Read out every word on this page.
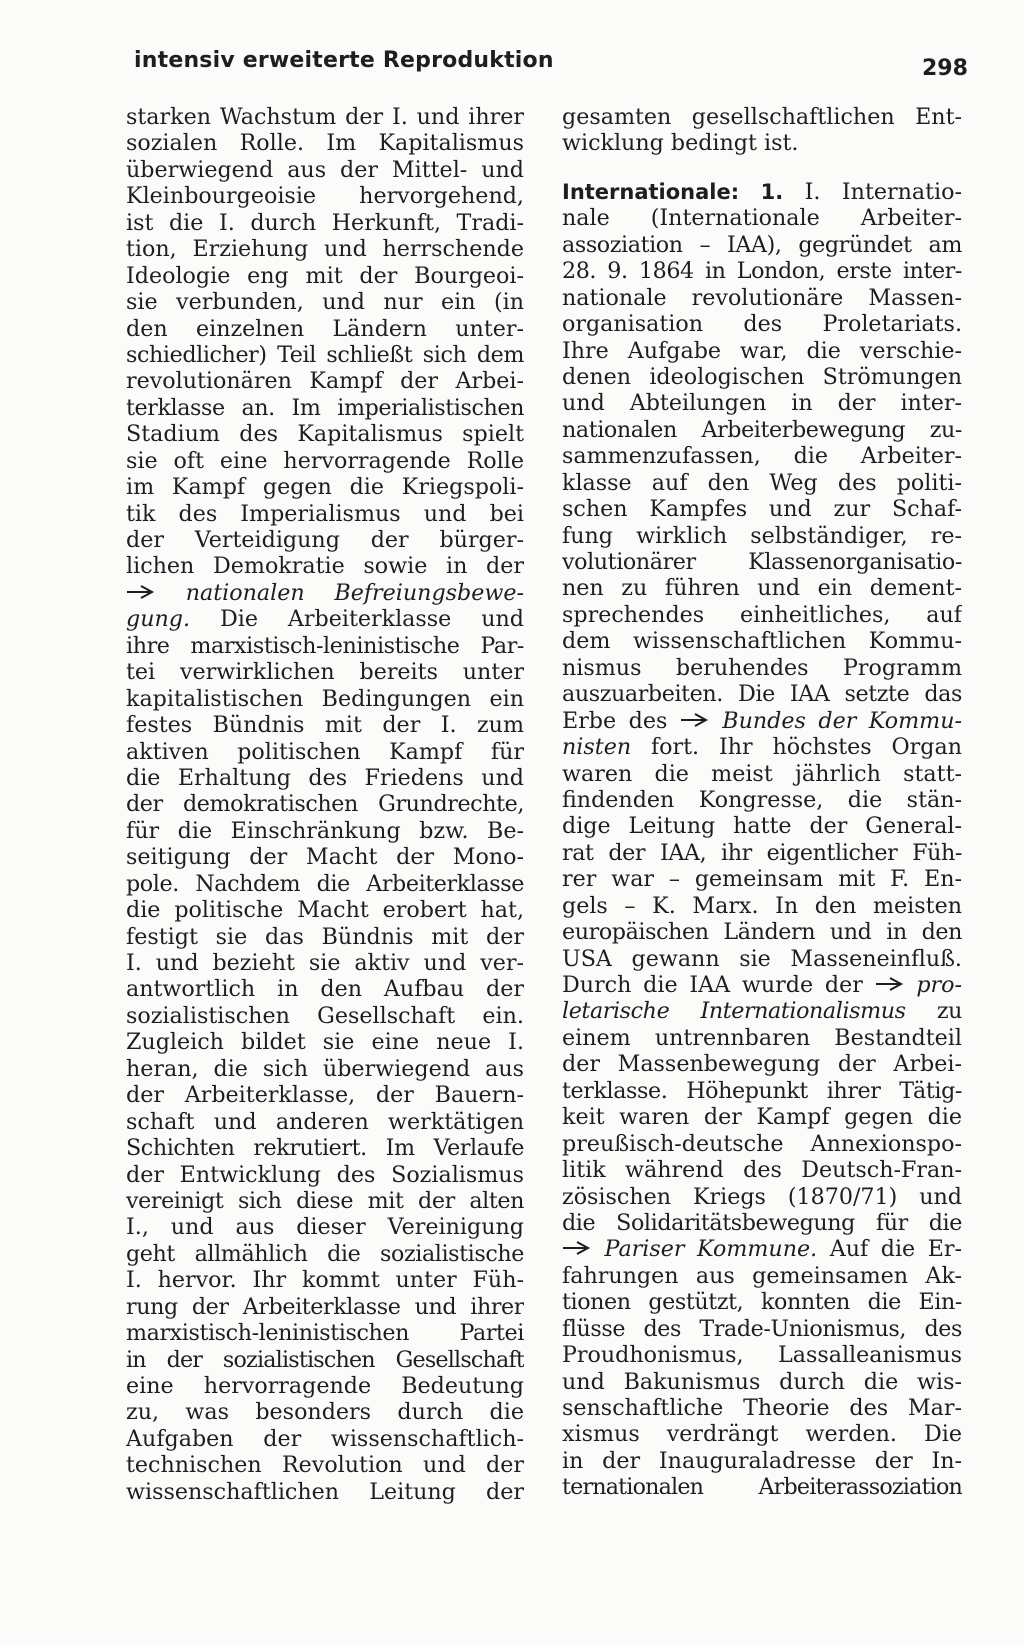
intensiv erweiterte Reproduktion	298
starken Wachstum der I. und ihrer
sozialen Rolle. Im Kapitalismus
überwiegend aus der Mittel- und
Kleinbourgeoisie hervorgehend,
ist die I. durch Herkunft, Tradi-
tion, Erziehung und herrschende
Ideologie eng mit der Bourgeoi-
sie verbunden, und nur ein (in
den einzelnen Ländern unter-
schiedlicher) Teil schließt sich dem
revolutionären Kampf der Arbei-
terklasse an. Im imperialistischen
Stadium des Kapitalismus spielt
sie oft eine hervorragende Rolle
im Kampf gegen die Kriegspoli-
tik des Imperialismus und bei
der Verteidigung der bürger-
lichen Demokratie sowie in der
nationalen Befreiungsbewe-
gung. Die Arbeiterklasse und
ihre marxistisch-leninistische Par-
tei verwirklichen bereits unter
kapitalistischen Bedingungen ein
festes Bündnis mit der I. zum
aktiven politischen Kampf für
die Erhaltung des Friedens und
der demokratischen Grundrechte,
für die Einschränkung bzw. Be-
seitigung der Macht der Mono-
pole. Nachdem die Arbeiterklasse
die politische Macht erobert hat,
festigt sie das Bündnis mit der
I. und bezieht sie aktiv und ver-
antwortlich in den Aufbau der
sozialistischen Gesellschaft ein.
Zugleich bildet sie eine neue I.
heran, die sich überwiegend aus
der Arbeiterklasse, der Bauern-
schaft und anderen werktätigen
Schichten rekrutiert. Im Verlaufe
der Entwicklung des Sozialismus
vereinigt sich diese mit der alten
I., und aus dieser Vereinigung
geht allmählich die sozialistische
I. hervor. Ihr kommt unter Füh-
rung der Arbeiterklasse und ihrer
marxistisch-leninistischen Partei
in der sozialistischen Gesellschaft
eine hervorragende Bedeutung
zu, was besonders durch die
Aufgaben der wissenschaftlich-
technischen Revolution und der
wissenschaftlichen Leitung der
gesamten gesellschaftlichen Ent-
wicklung bedingt ist.
Internationale: 1. I. Internatio-
nale (Internationale Arbeiter-
assoziation – IAA), gegründet am
28. 9. 1864 in London, erste inter-
nationale revolutionäre Massen-
organisation des Proletariats.
Ihre Aufgabe war, die verschie-
denen ideologischen Strömungen
und Abteilungen in der inter-
nationalen Arbeiterbewegung zu-
sammenzufassen, die Arbeiter-
klasse auf den Weg des politi-
schen Kampfes und zur Schaf-
fung wirklich selbständiger, re-
volutionärer Klassenorganisatio-
nen zu führen und ein dement-
sprechendes einheitliches, auf
dem wissenschaftlichen Kommu-
nismus beruhendes Programm
auszuarbeiten. Die IAA setzte das
Erbe des  Bundes der Kommu-
nisten fort. Ihr höchstes Organ
waren die meist jährlich statt-
findenden Kongresse, die stän-
dige Leitung hatte der General-
rat der IAA, ihr eigentlicher Füh-
rer war – gemeinsam mit F. En-
gels – K. Marx. In den meisten
europäischen Ländern und in den
USA gewann sie Masseneinfluß.
Durch die IAA wurde der  pro-
letarische Internationalismus zu
einem untrennbaren Bestandteil
der Massenbewegung der Arbei-
terklasse. Höhepunkt ihrer Tätig-
keit waren der Kampf gegen die
preußisch-deutsche Annexionspo-
litik während des Deutsch-Fran-
zösischen Kriegs (1870/71) und
die Solidaritätsbewegung für die
Pariser Kommune. Auf die Er-
fahrungen aus gemeinsamen Ak-
tionen gestützt, konnten die Ein-
flüsse des Trade-Unionismus, des
Proudhonismus, Lassalleanismus
und Bakunismus durch die wis-
senschaftliche Theorie des Mar-
xismus verdrängt werden. Die
in der Inauguraladresse der In-
ternationalen Arbeiterassoziation
